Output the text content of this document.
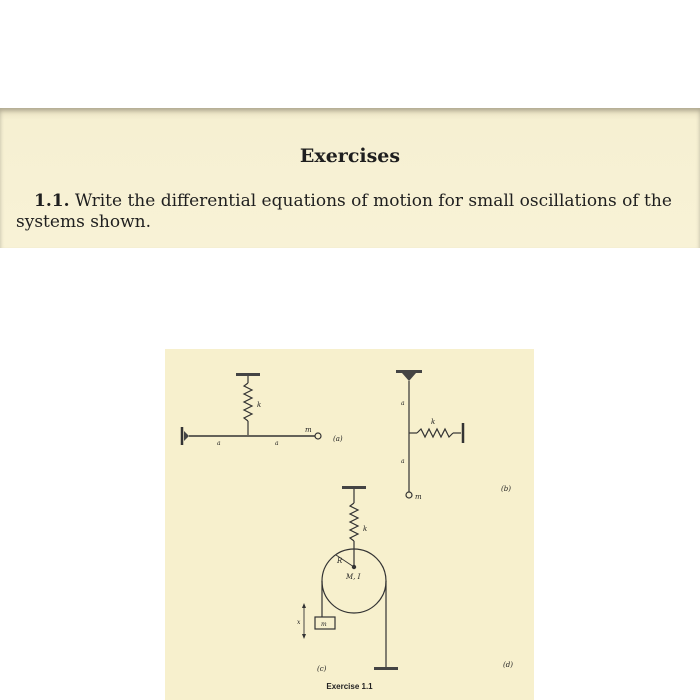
Exercises
1.1. Write the differential equations of motion for small oscillations of the systems shown.
k
a	a
m
(a)
a
a
k
m
(b)
k
R
M, I
m
x
(c)	(d)
Exercise 1.1
